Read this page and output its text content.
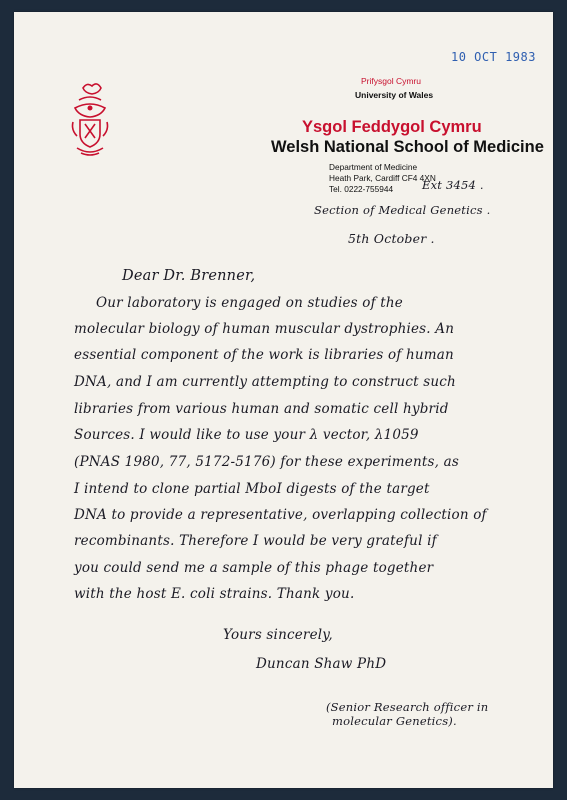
10 OCT 1983
Prifysgol Cymru
University of Wales
Ysgol Feddygol Cymru
Welsh National School of Medicine
Department of Medicine
Heath Park, Cardiff CF4 4XN
Tel. 0222-755944	Ext 3454 .
Section of Medical Genetics .
5th October .
Dear Dr. Brenner,
Our laboratory is engaged on studies of the
molecular biology of human muscular dystrophies. An
essential component of the work is libraries of human
DNA, and I am currently attempting to construct such
libraries from various human and somatic cell hybrid
Sources. I would like to use your λ vector, λ1059
(PNAS 1980, 77, 5172-5176) for these experiments, as
I intend to clone partial MboI digests of the target
DNA to provide a representative, overlapping collection of
recombinants. Therefore I would be very grateful if
you could send me a sample of this phage together
with the host E. coli strains. Thank you.
Yours sincerely,
Duncan Shaw PhD
(Senior Research officer in
molecular Genetics).
